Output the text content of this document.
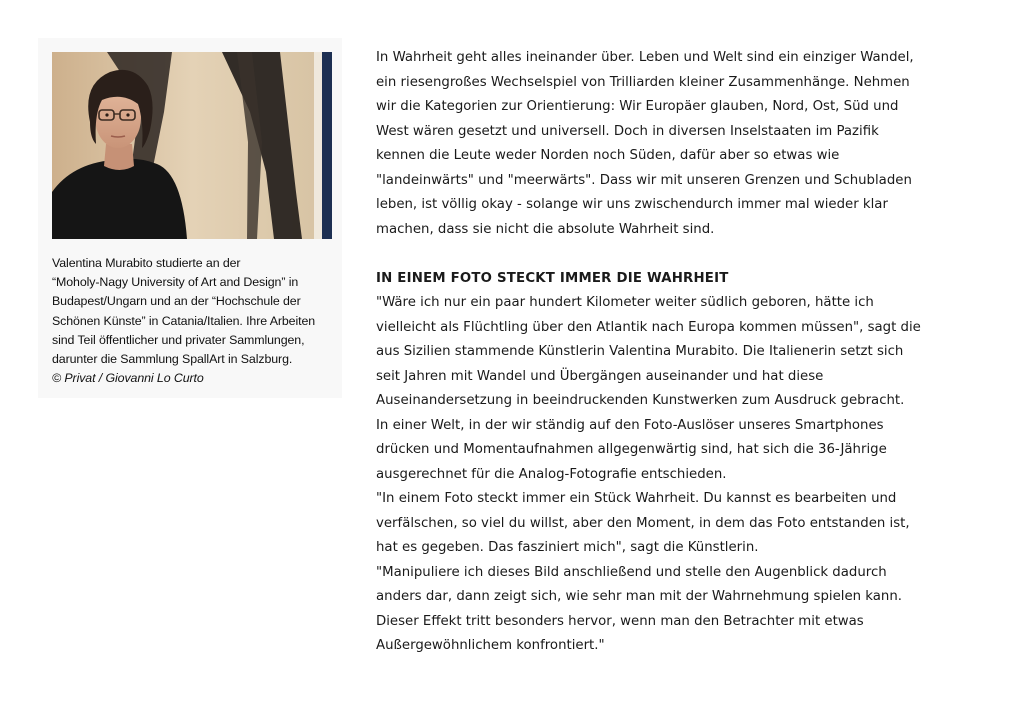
Valentina Murabito studierte an der
“Moholy-Nagy University of Art and Design” in
Budapest/Ungarn und an der “Hochschule der
Schönen Künste” in Catania/Italien. Ihre Arbeiten
sind Teil öffentlicher und privater Sammlungen,
darunter die Sammlung SpallArt in Salzburg.
© Privat / Giovanni Lo Curto
In Wahrheit geht alles ineinander über. Leben und Welt sind ein einziger Wandel,
ein riesengroßes Wechselspiel von Trilliarden kleiner Zusammenhänge. Nehmen
wir die Kategorien zur Orientierung: Wir Europäer glauben, Nord, Ost, Süd und
West wären gesetzt und universell. Doch in diversen Inselstaaten im Pazifik
kennen die Leute weder Norden noch Süden, dafür aber so etwas wie
"landeinwärts" und "meerwärts". Dass wir mit unseren Grenzen und Schubladen
leben, ist völlig okay - solange wir uns zwischendurch immer mal wieder klar
machen, dass sie nicht die absolute Wahrheit sind.
IN EINEM FOTO STECKT IMMER DIE WAHRHEIT
"Wäre ich nur ein paar hundert Kilometer weiter südlich geboren, hätte ich
vielleicht als Flüchtling über den Atlantik nach Europa kommen müssen", sagt die
aus Sizilien stammende Künstlerin Valentina Murabito. Die Italienerin setzt sich
seit Jahren mit Wandel und Übergängen auseinander und hat diese
Auseinandersetzung in beeindruckenden Kunstwerken zum Ausdruck gebracht.
In einer Welt, in der wir ständig auf den Foto-Auslöser unseres Smartphones
drücken und Momentaufnahmen allgegenwärtig sind, hat sich die 36-Jährige
ausgerechnet für die Analog-Fotografie entschieden.
"In einem Foto steckt immer ein Stück Wahrheit. Du kannst es bearbeiten und
verfälschen, so viel du willst, aber den Moment, in dem das Foto entstanden ist,
hat es gegeben. Das fasziniert mich", sagt die Künstlerin.
"Manipuliere ich dieses Bild anschließend und stelle den Augenblick dadurch
anders dar, dann zeigt sich, wie sehr man mit der Wahrnehmung spielen kann.
Dieser Effekt tritt besonders hervor, wenn man den Betrachter mit etwas
Außergewöhnlichem konfrontiert."
